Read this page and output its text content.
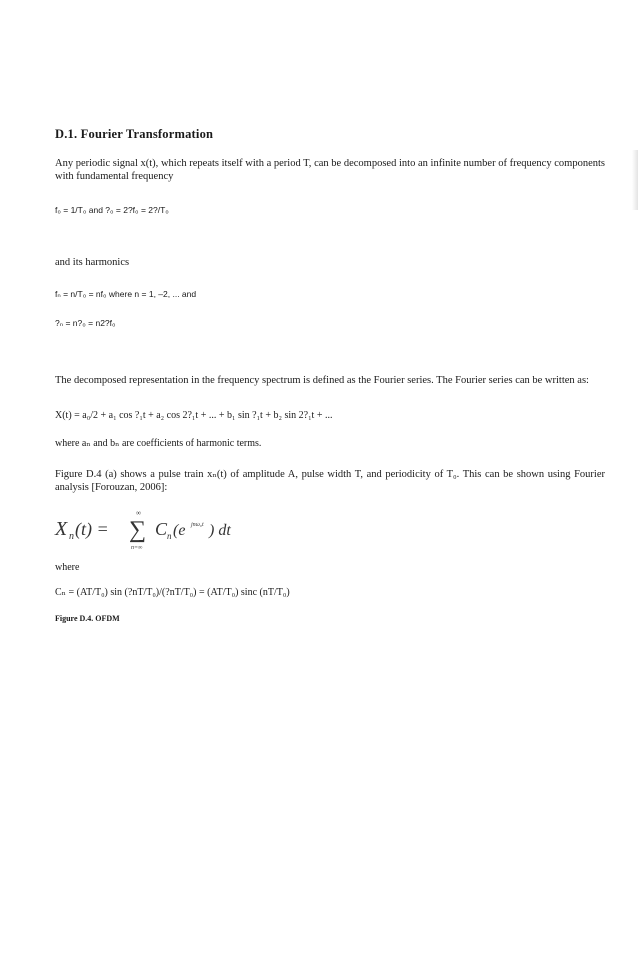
D.1. Fourier Transformation

Any periodic signal x(t), which repeats itself with a period T, can be decomposed into an infinite number of frequency components with fundamental frequency

f₀ = 1/T₀ and ?₀ = 2?f₀ = 2?/T₀

and its harmonics

fₙ = n/T₀ = nf₀ where n = 1, –2, ... and

?ₙ = n?₀ = n2?f₀

The decomposed representation in the frequency spectrum is defined as the Fourier series. The Fourier series can be written as:

X(t) = a₀/2 + a₁ cos ?₁t + a₂ cos 2?₁t + ... + b₁ sin ?₁t + b₂ sin 2?₁t + ...

where aₙ and bₙ are coefficients of harmonic terms.

Figure D.4 (a) shows a pulse train xₙ(t) of amplitude A, pulse width T, and periodicity of T₀. This can be shown using Fourier analysis [Forouzan, 2006]:

X n (t) =
∞
∑
n=∞
C n (e jnω₀t ) dt

where

Cₙ = (AT/T₀) sin (?nT/T₀)/(?nT/T₀) = (AT/T₀) sinc (nT/T₀)

Figure D.4. OFDM
